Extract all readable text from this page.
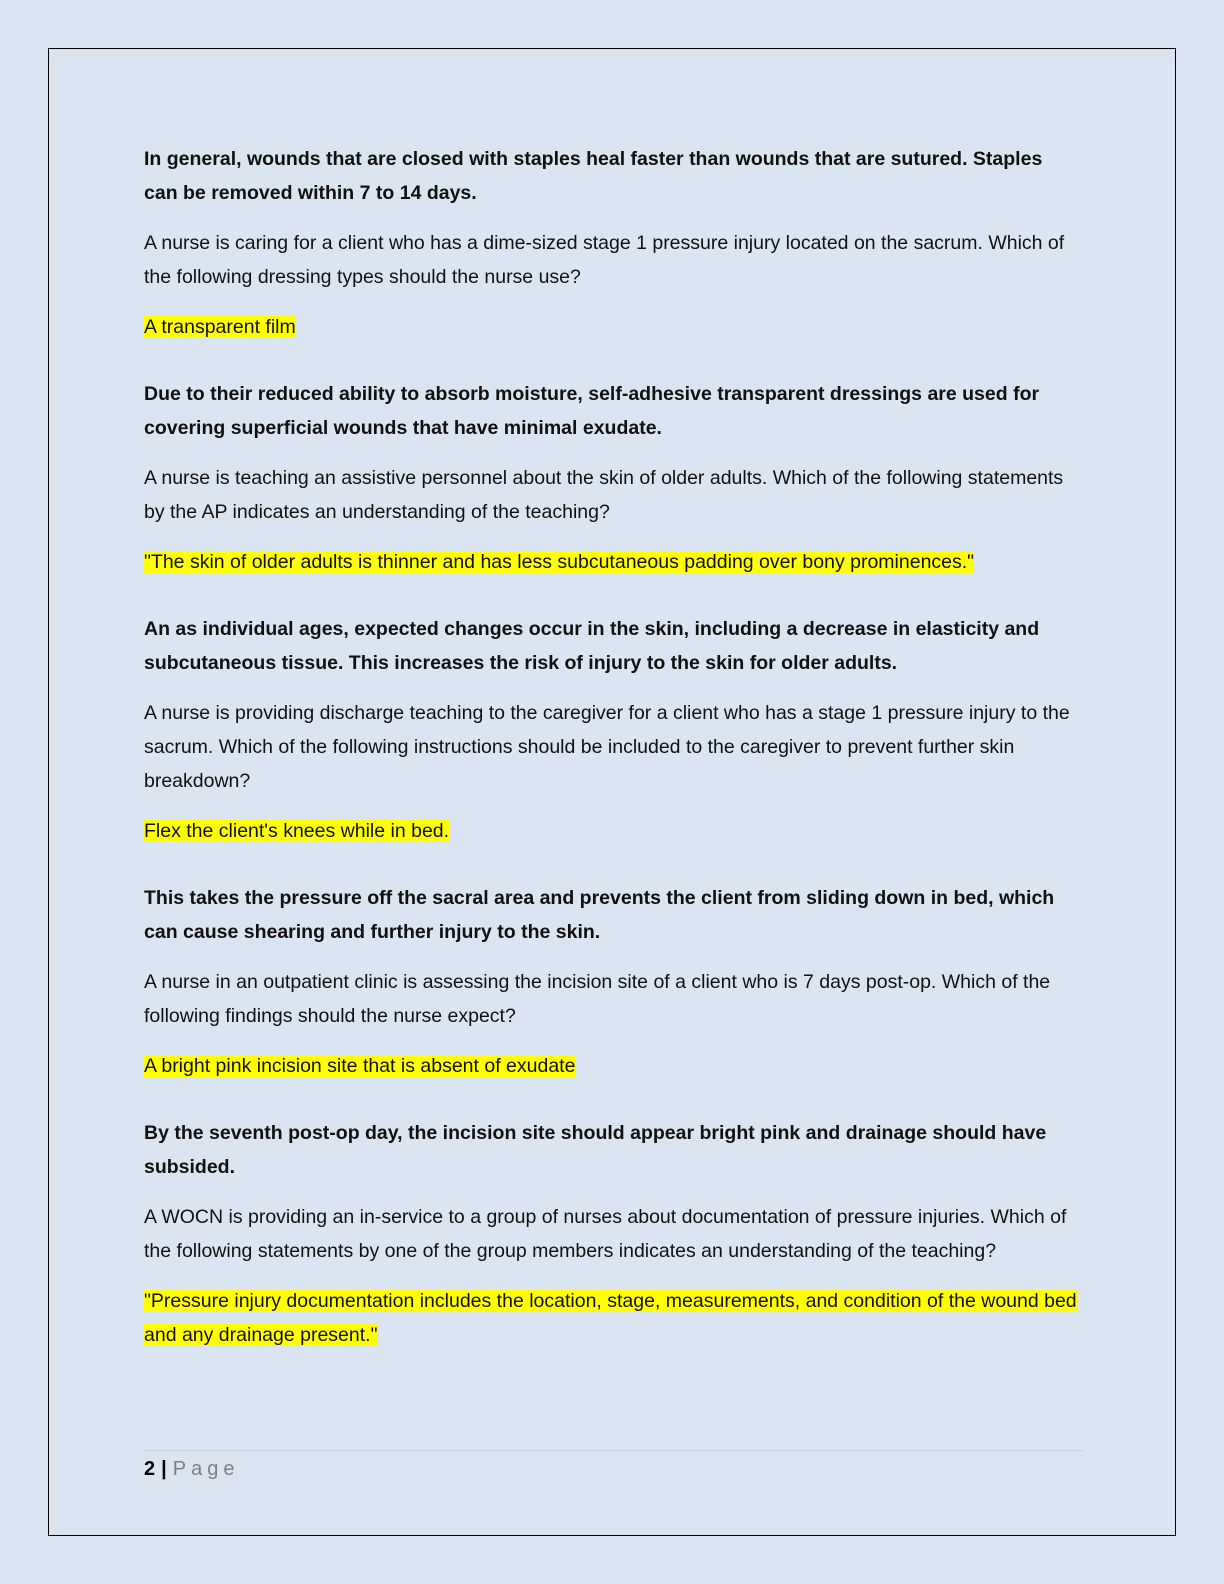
In general, wounds that are closed with staples heal faster than wounds that are sutured. Staples can be removed within 7 to 14 days.

A nurse is caring for a client who has a dime-sized stage 1 pressure injury located on the sacrum. Which of the following dressing types should the nurse use?

A transparent film

Due to their reduced ability to absorb moisture, self-adhesive transparent dressings are used for covering superficial wounds that have minimal exudate.

A nurse is teaching an assistive personnel about the skin of older adults. Which of the following statements by the AP indicates an understanding of the teaching?

"The skin of older adults is thinner and has less subcutaneous padding over bony prominences."

An as individual ages, expected changes occur in the skin, including a decrease in elasticity and subcutaneous tissue. This increases the risk of injury to the skin for older adults.

A nurse is providing discharge teaching to the caregiver for a client who has a stage 1 pressure injury to the sacrum. Which of the following instructions should be included to the caregiver to prevent further skin breakdown?

Flex the client's knees while in bed.

This takes the pressure off the sacral area and prevents the client from sliding down in bed, which can cause shearing and further injury to the skin.

A nurse in an outpatient clinic is assessing the incision site of a client who is 7 days post-op. Which of the following findings should the nurse expect?

A bright pink incision site that is absent of exudate

By the seventh post-op day, the incision site should appear bright pink and drainage should have subsided.

A WOCN is providing an in-service to a group of nurses about documentation of pressure injuries. Which of the following statements by one of the group members indicates an understanding of the teaching?

"Pressure injury documentation includes the location, stage, measurements, and condition of the wound bed and any drainage present."

2 | Page
